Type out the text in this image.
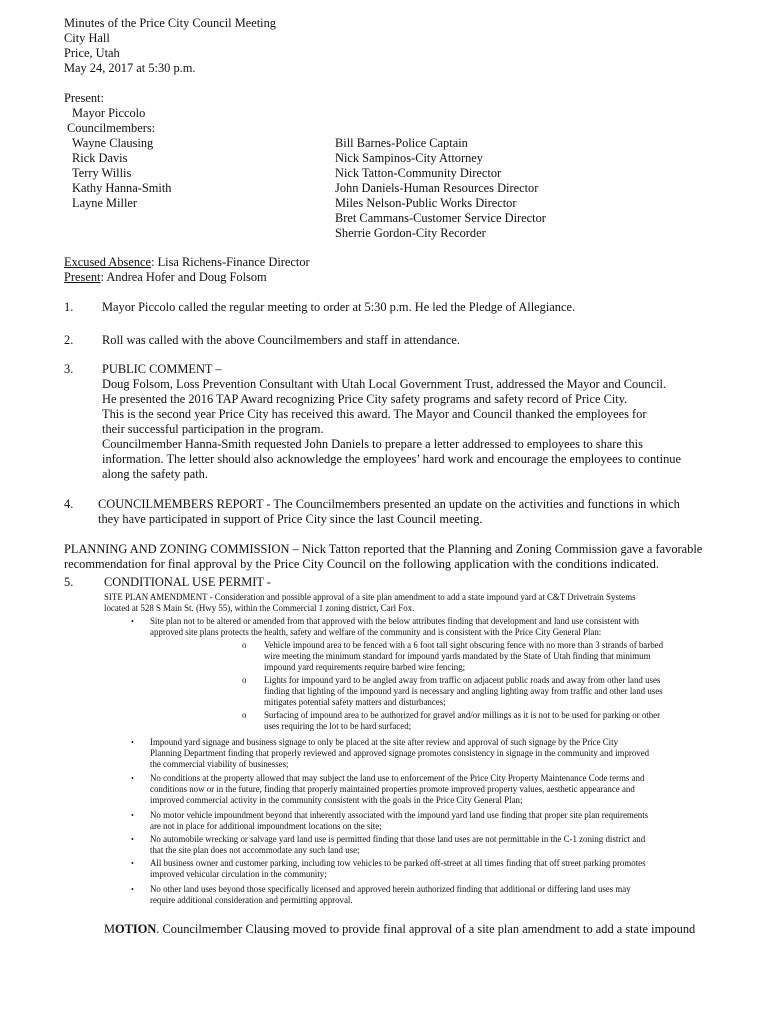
Minutes of the Price City Council Meeting
City Hall
Price, Utah
May 24, 2017 at 5:30 p.m.
Present:
Mayor Piccolo
Councilmembers:
Wayne Clausing
Rick Davis
Terry Willis
Kathy Hanna-Smith
Layne Miller
Bill Barnes-Police Captain
Nick Sampinos-City Attorney
Nick Tatton-Community Director
John Daniels-Human Resources Director
Miles Nelson-Public Works Director
Bret Cammans-Customer Service Director
Sherrie Gordon-City Recorder
Excused Absence: Lisa Richens-Finance Director
Present: Andrea Hofer and Doug Folsom
1. Mayor Piccolo called the regular meeting to order at 5:30 p.m. He led the Pledge of Allegiance.
2. Roll was called with the above Councilmembers and staff in attendance.
3. PUBLIC COMMENT –
Doug Folsom, Loss Prevention Consultant with Utah Local Government Trust, addressed the Mayor and Council.
He presented the 2016 TAP Award recognizing Price City safety programs and safety record of Price City.
This is the second year Price City has received this award. The Mayor and Council thanked the employees for
their successful participation in the program.
Councilmember Hanna-Smith requested John Daniels to prepare a letter addressed to employees to share this
information. The letter should also acknowledge the employees’ hard work and encourage the employees to continue
along the safety path.
4. COUNCILMEMBERS REPORT - The Councilmembers presented an update on the activities and functions in which
they have participated in support of Price City since the last Council meeting.
PLANNING AND ZONING COMMISSION – Nick Tatton reported that the Planning and Zoning Commission gave a favorable
recommendation for final approval by the Price City Council on the following application with the conditions indicated.
5. CONDITIONAL USE PERMIT -
SITE PLAN AMENDMENT - Consideration and possible approval of a site plan amendment to add a state impound yard at C&T Drivetrain Systems
located at 528 S Main St. (Hwy 55), within the Commercial 1 zoning district, Carl Fox.
• Site plan not to be altered or amended from that approved with the below attributes finding that development and land use consistent with
approved site plans protects the health, safety and welfare of the community and is consistent with the Price City General Plan:
o Vehicle impound area to be fenced with a 6 foot tall sight obscuring fence with no more than 3 strands of barbed
wire meeting the minimum standard for impound yards mandated by the State of Utah finding that minimum
impound yard requirements require barbed wire fencing;
o Lights for impound yard to be angled away from traffic on adjacent public roads and away from other land uses
finding that lighting of the impound yard is necessary and angling lighting away from traffic and other land uses
mitigates potential safety matters and disturbances;
o Surfacing of impound area to be authorized for gravel and/or millings as it is not to be used for parking or other
uses requiring the lot to be hard surfaced;
• Impound yard signage and business signage to only be placed at the site after review and approval of such signage by the Price City
Planning Department finding that properly reviewed and approved signage promotes consistency in signage in the community and improved
the commercial viability of businesses;
• No conditions at the property allowed that may subject the land use to enforcement of the Price City Property Maintenance Code terms and
conditions now or in the future, finding that properly maintained properties promote improved property values, aesthetic appearance and
improved commercial activity in the community consistent with the goals in the Price City General Plan;
• No motor vehicle impoundment beyond that inherently associated with the impound yard land use finding that proper site plan requirements
are not in place for additional impoundment locations on the site;
• No automobile wrecking or salvage yard land use is permitted finding that those land uses are not permittable in the C-1 zoning district and
that the site plan does not accommodate any such land use;
• All business owner and customer parking, including tow vehicles to be parked off-street at all times finding that off street parking promotes
improved vehicular circulation in the community;
• No other land uses beyond those specifically licensed and approved herein authorized finding that additional or differing land uses may
require additional consideration and permitting approval.
MOTION. Councilmember Clausing moved to provide final approval of a site plan amendment to add a state impound
